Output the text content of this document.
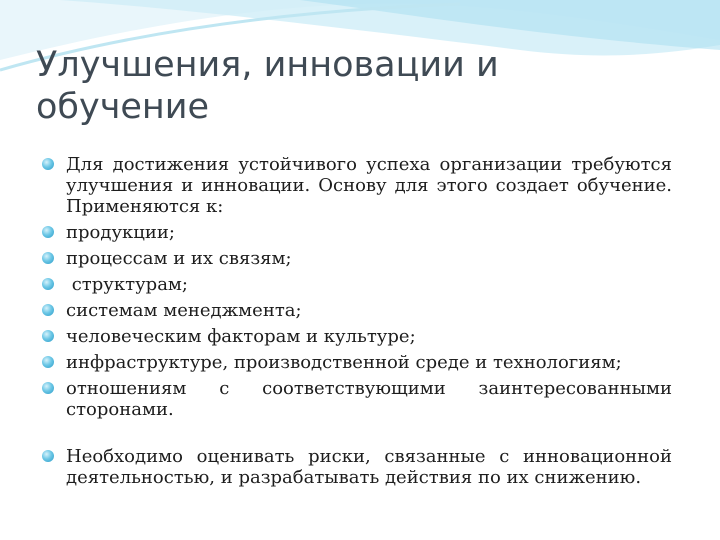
Улучшения, инновации и
обучение

Для достижения устойчивого успеха организации требуются улучшения и инновации. Основу для этого создает обучение. Применяются к:

продукции;

процессам и их связям;

структурам;

системам менеджмента;

человеческим факторам и культуре;

инфраструктуре, производственной среде и технологиям;

отношениям с соответствующими заинтересованными сторонами.

Необходимо оценивать риски, связанные с инновационной деятельностью, и разрабатывать действия по их снижению.
